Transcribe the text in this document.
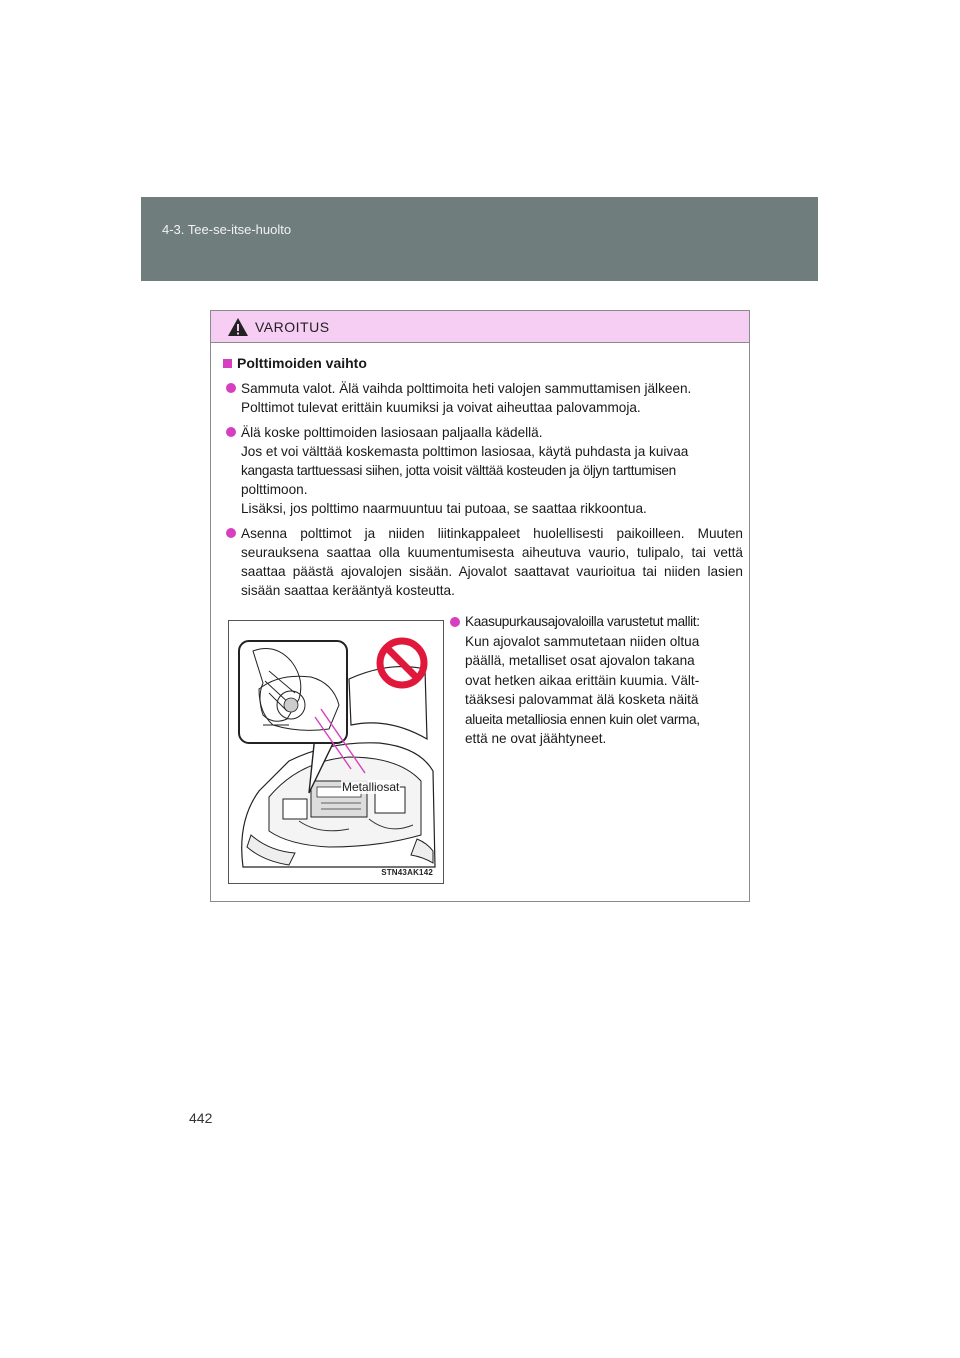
4-3. Tee-se-itse-huolto
VAROITUS
Polttimoiden vaihto
Sammuta valot. Älä vaihda polttimoita heti valojen sammuttamisen jälkeen.
Polttimot tulevat erittäin kuumiksi ja voivat aiheuttaa palovammoja.
Älä koske polttimoiden lasiosaan paljaalla kädellä.
Jos et voi välttää koskemasta polttimon lasiosaa, käytä puhdasta ja kuivaa
kangasta tarttuessasi siihen, jotta voisit välttää kosteuden ja öljyn tarttumisen
polttimoon.
Lisäksi, jos polttimo naarmuuntuu tai putoaa, se saattaa rikkoontua.
Asenna polttimot ja niiden liitinkappaleet huolellisesti paikoilleen. Muuten seurauksena saattaa olla kuumentumisesta aiheutuva vaurio, tulipalo, tai vettä saattaa päästä ajovalojen sisään. Ajovalot saattavat vaurioitua tai niiden lasien sisään saattaa kerääntyä kosteutta.
Metalliosat
STN43AK142
Kaasupurkausajovaloilla varustetut mallit:
Kun ajovalot sammutetaan niiden oltua
päällä, metalliset osat ajovalon takana
ovat hetken aikaa erittäin kuumia. Vält-
tääksesi palovammat älä kosketa näitä
alueita metalliosia ennen kuin olet varma,
että ne ovat jäähtyneet.
442
